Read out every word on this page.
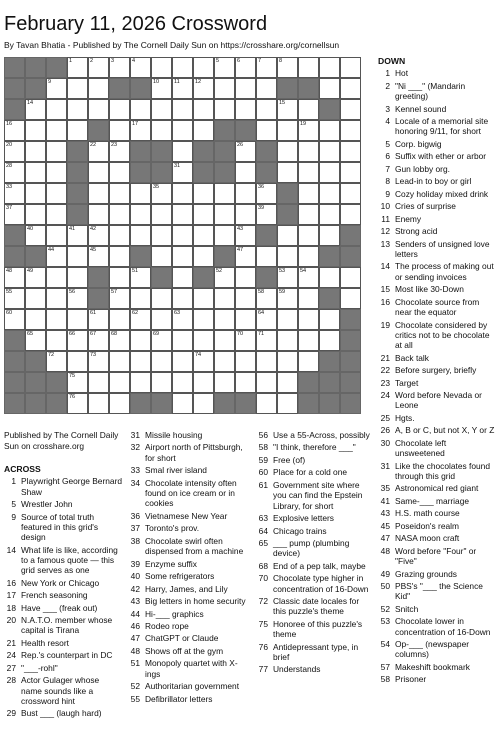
February 11, 2026 Crossword
By Tavan Bhatia - Published by The Cornell Daily Sun on https://crosshare.org/cornellsun
1	2	3	4	5	6	7	8
9	10	11	12
14	15
16	17	19
20	22	23	26
28	31
33	35	36
37	39
40	41	42	43
44	45	47
48	49	51	52	53	54
55	56	57	58	59
60	61	62	63	64
65	66	67	68	69	70	71
72	73	74
75
76
Published by The Cornell Daily Sun on crosshare.org
ACROSS
1 Playwright George Bernard Shaw
5 Wrestler John
9 Source of total truth featured in this grid's design
14 What life is like, according to a famous quote — this grid serves as one
16 New York or Chicago
17 French seasoning
18 Have ___ (freak out)
20 N.A.T.O. member whose capital is Tirana
21 Health resort
24 Rep.'s counterpart in DC
27 "___-rohl"
28 Actor Gulager whose name sounds like a crossword hint
29 Bust ___ (laugh hard)
31 Missile housing
32 Airport north of Pittsburgh, for short
33 Smal river island
34 Chocolate intensity often found on ice cream or in cookies
36 Vietnamese New Year
37 Toronto's prov.
38 Chocolate swirl often dispensed from a machine
39 Enzyme suffix
40 Some refrigerators
42 Harry, James, and Lily
43 Big letters in home security
44 Hi-___ graphics
46 Rodeo rope
47 ChatGPT or Claude
48 Shows off at the gym
51 Monopoly quartet with X-ings
52 Authoritarian government
55 Defibrillator letters
56 Use a 55-Across, possibly
58 "I think, therefore ___"
59 Free (of)
60 Place for a cold one
61 Government site where you can find the Epstein Library, for short
63 Explosive letters
64 Chicago trains
65 ___ pump (plumbing device)
68 End of a pep talk, maybe
70 Chocolate type higher in concentration of 16-Down
72 Classic date locales for this puzzle's theme
75 Honoree of this puzzle's theme
76 Antidepressant type, in brief
77 Understands
DOWN
1 Hot
2 "Ni ___" (Mandarin greeting)
3 Kennel sound
4 Locale of a memorial site honoring 9/11, for short
5 Corp. bigwig
6 Suffix with ether or arbor
7 Gun lobby org.
8 Lead-in to boy or girl
9 Cozy holiday mixed drink
10 Cries of surprise
11 Enemy
12 Strong acid
13 Senders of unsigned love letters
14 The process of making out or sending invoices
15 Most like 30-Down
16 Chocolate source from near the equator
19 Chocolate considered by critics not to be chocolate at all
21 Back talk
22 Before surgery, briefly
23 Target
24 Word before Nevada or Leone
25 Hgts.
26 A, B or C, but not X, Y or Z
30 Chocolate left unsweetened
31 Like the chocolates found through this grid
35 Astronomical red giant
41 Same-___ marriage
43 H.S. math course
45 Poseidon's realm
47 NASA moon craft
48 Word before "Four" or "Five"
49 Grazing grounds
50 PBS's "___ the Science Kid"
52 Snitch
53 Chocolate lower in concentration of 16-Down
54 Op-___ (newspaper columns)
57 Makeshift bookmark
58 Prisoner
